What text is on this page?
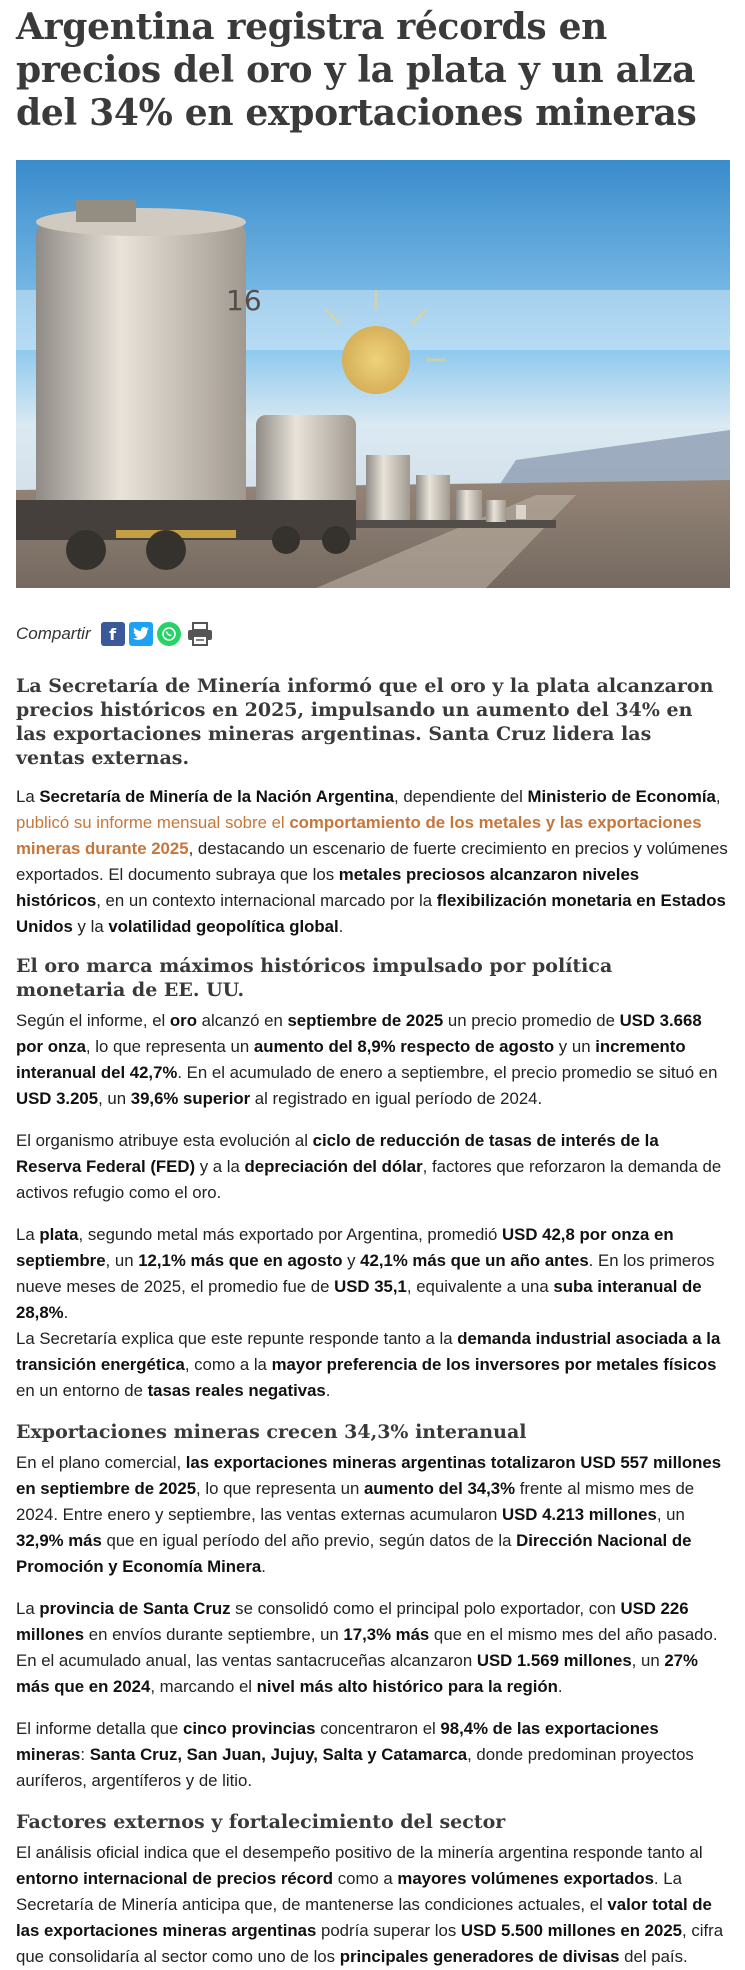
Argentina registra récords en precios del oro y la plata y un alza del 34% en exportaciones mineras
16
Compartir	f
La Secretaría de Minería informó que el oro y la plata alcanzaron precios históricos en 2025, impulsando un aumento del 34% en las exportaciones mineras argentinas. Santa Cruz lidera las ventas externas.

La Secretaría de Minería de la Nación Argentina, dependiente del Ministerio de Economía, publicó su informe mensual sobre el comportamiento de los metales y las exportaciones mineras durante 2025, destacando un escenario de fuerte crecimiento en precios y volúmenes exportados. El documento subraya que los metales preciosos alcanzaron niveles históricos, en un contexto internacional marcado por la flexibilización monetaria en Estados Unidos y la volatilidad geopolítica global.

El oro marca máximos históricos impulsado por política monetaria de EE. UU.

Según el informe, el oro alcanzó en septiembre de 2025 un precio promedio de USD 3.668 por onza, lo que representa un aumento del 8,9% respecto de agosto y un incremento interanual del 42,7%. En el acumulado de enero a septiembre, el precio promedio se situó en USD 3.205, un 39,6% superior al registrado en igual período de 2024.

El organismo atribuye esta evolución al ciclo de reducción de tasas de interés de la Reserva Federal (FED) y a la depreciación del dólar, factores que reforzaron la demanda de activos refugio como el oro.

La plata, segundo metal más exportado por Argentina, promedió USD 42,8 por onza en septiembre, un 12,1% más que en agosto y 42,1% más que un año antes. En los primeros nueve meses de 2025, el promedio fue de USD 35,1, equivalente a una suba interanual de 28,8%.

La Secretaría explica que este repunte responde tanto a la demanda industrial asociada a la transición energética, como a la mayor preferencia de los inversores por metales físicos en un entorno de tasas reales negativas.

Exportaciones mineras crecen 34,3% interanual

En el plano comercial, las exportaciones mineras argentinas totalizaron USD 557 millones en septiembre de 2025, lo que representa un aumento del 34,3% frente al mismo mes de 2024. Entre enero y septiembre, las ventas externas acumularon USD 4.213 millones, un 32,9% más que en igual período del año previo, según datos de la Dirección Nacional de Promoción y Economía Minera.

La provincia de Santa Cruz se consolidó como el principal polo exportador, con USD 226 millones en envíos durante septiembre, un 17,3% más que en el mismo mes del año pasado. En el acumulado anual, las ventas santacruceñas alcanzaron USD 1.569 millones, un 27% más que en 2024, marcando el nivel más alto histórico para la región.

El informe detalla que cinco provincias concentraron el 98,4% de las exportaciones mineras: Santa Cruz, San Juan, Jujuy, Salta y Catamarca, donde predominan proyectos auríferos, argentíferos y de litio.

Factores externos y fortalecimiento del sector

El análisis oficial indica que el desempeño positivo de la minería argentina responde tanto al entorno internacional de precios récord como a mayores volúmenes exportados. La Secretaría de Minería anticipa que, de mantenerse las condiciones actuales, el valor total de las exportaciones mineras argentinas podría superar los USD 5.500 millones en 2025, cifra que consolidaría al sector como uno de los principales generadores de divisas del país.
